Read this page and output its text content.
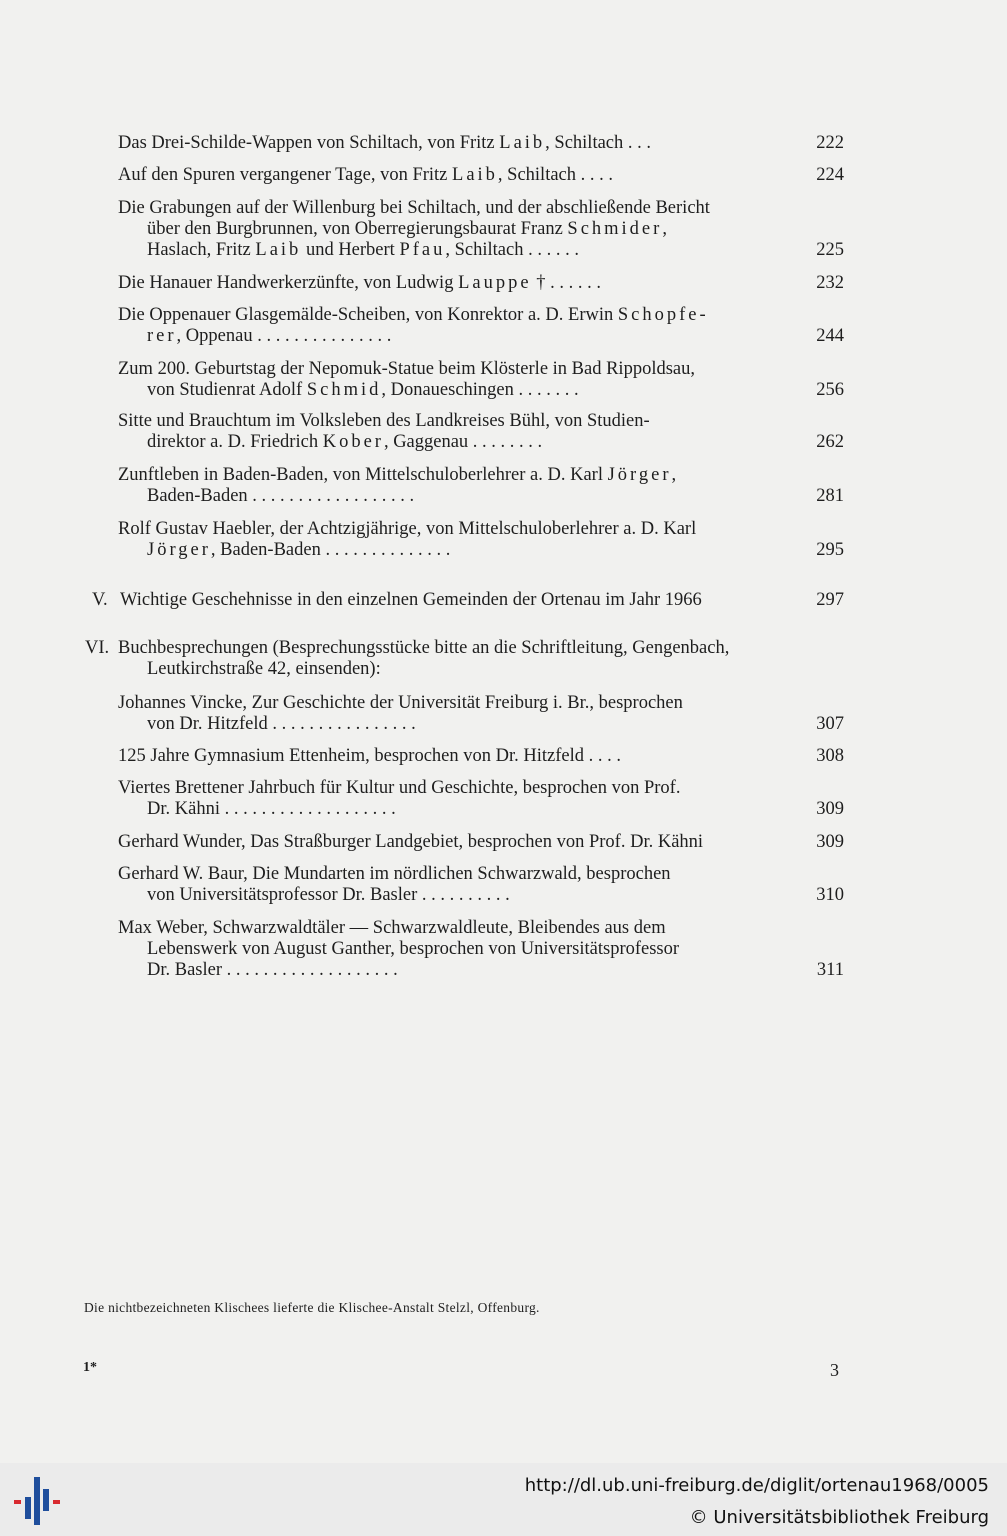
Die nichtbezeichneten Klischees lieferte die Klischee-Anstalt Stelzl, Offenburg.
1*	3
Das Drei-Schilde-Wappen von Schiltach, von Fritz Laib, Schiltach . . .	222
Auf den Spuren vergangener Tage, von Fritz Laib, Schiltach . . . .	224
Die Grabungen auf der Willenburg bei Schiltach, und der abschließende Bericht
über den Burgbrunnen, von Oberregierungsbaurat Franz Schmider,
Haslach, Fritz Laib und Herbert Pfau, Schiltach . . . . . .	225
Die Hanauer Handwerkerzünfte, von Ludwig Lauppe † . . . . . .	232
Die Oppenauer Glasgemälde-Scheiben, von Konrektor a. D. Erwin Schopfe-
rer, Oppenau . . . . . . . . . . . . . . .	244
Zum 200. Geburtstag der Nepomuk-Statue beim Klösterle in Bad Rippoldsau,
von Studienrat Adolf Schmid, Donaueschingen . . . . . . .	256
Sitte und Brauchtum im Volksleben des Landkreises Bühl, von Studien-
direktor a. D. Friedrich Kober, Gaggenau . . . . . . . .	262
Zunftleben in Baden-Baden, von Mittelschuloberlehrer a. D. Karl Jörger,
Baden-Baden . . . . . . . . . . . . . . . . . .	281
Rolf Gustav Haebler, der Achtzigjährige, von Mittelschuloberlehrer a. D. Karl
Jörger, Baden-Baden . . . . . . . . . . . . . .	295
V. Wichtige Geschehnisse in den einzelnen Gemeinden der Ortenau im Jahr 1966	297
VI. Buchbesprechungen (Besprechungsstücke bitte an die Schriftleitung, Gengenbach,
Leutkirchstraße 42, einsenden):
Johannes Vincke, Zur Geschichte der Universität Freiburg i. Br., besprochen
von Dr. Hitzfeld . . . . . . . . . . . . . . . .	307
125 Jahre Gymnasium Ettenheim, besprochen von Dr. Hitzfeld . . . .	308
Viertes Brettener Jahrbuch für Kultur und Geschichte, besprochen von Prof.
Dr. Kähni . . . . . . . . . . . . . . . . . . .	309
Gerhard Wunder, Das Straßburger Landgebiet, besprochen von Prof. Dr. Kähni	309
Gerhard W. Baur, Die Mundarten im nördlichen Schwarzwald, besprochen
von Universitätsprofessor Dr. Basler . . . . . . . . . .	310
Max Weber, Schwarzwaldtäler — Schwarzwaldleute, Bleibendes aus dem
Lebenswerk von August Ganther, besprochen von Universitätsprofessor
Dr. Basler . . . . . . . . . . . . . . . . . . .	311
http://dl.ub.uni-freiburg.de/diglit/ortenau1968/0005
© Universitätsbibliothek Freiburg
